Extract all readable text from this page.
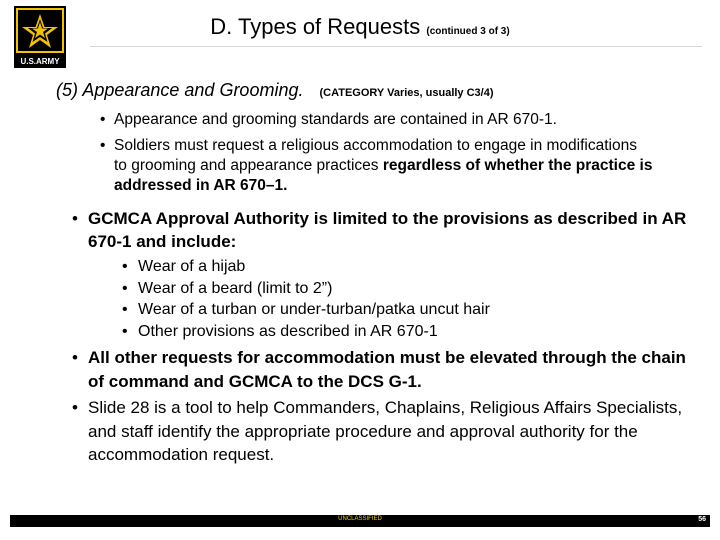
U.S.ARMY
D. Types of Requests (continued 3 of 3)
(5) Appearance and Grooming. (CATEGORY Varies, usually C3/4)
• Appearance and grooming standards are contained in AR 670-1.
• Soldiers must request a religious accommodation to engage in modifications to grooming and appearance practices regardless of whether the practice is addressed in AR 670–1.
• GCMCA Approval Authority is limited to the provisions as described in AR 670-1 and include:
• Wear of a hijab
• Wear of a beard (limit to 2”)
• Wear of a turban or under-turban/patka uncut hair
• Other provisions as described in AR 670-1
• All other requests for accommodation must be elevated through the chain of command and GCMCA to the DCS G-1.
• Slide 28 is a tool to help Commanders, Chaplains, Religious Affairs Specialists, and staff identify the appropriate procedure and approval authority for the accommodation request.
UNCLASSIFIED	56
